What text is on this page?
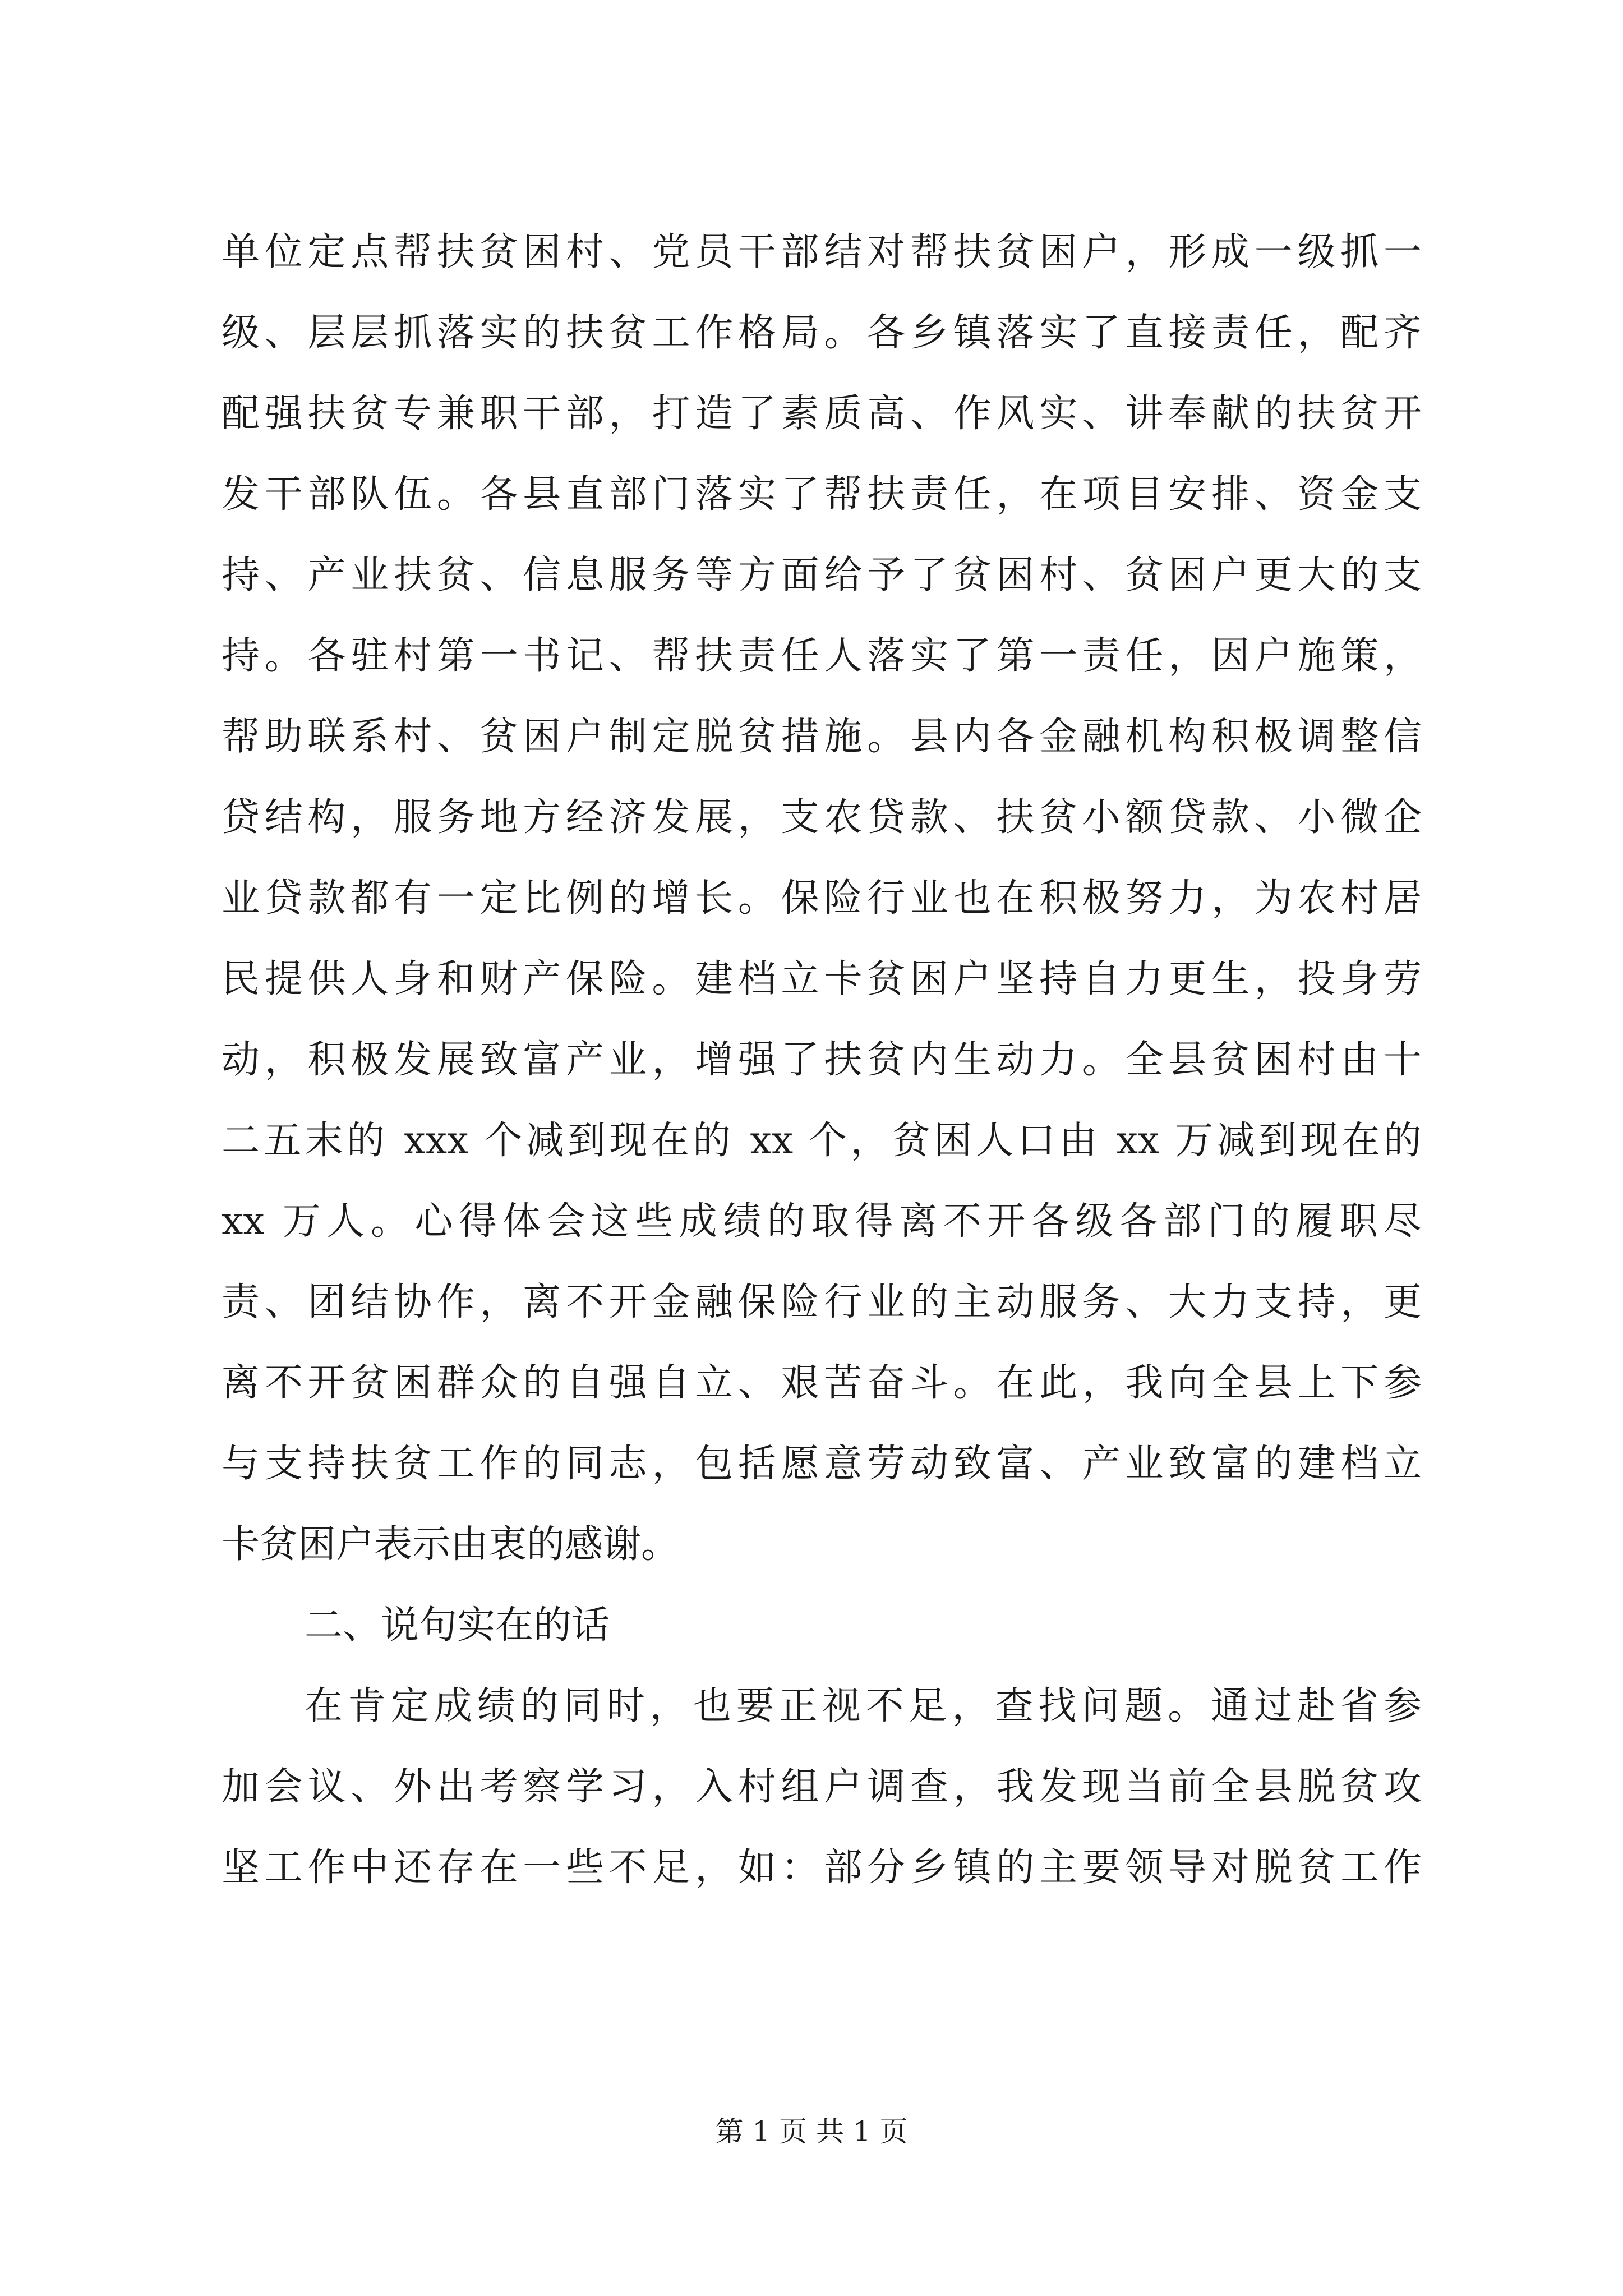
单位定点帮扶贫困村、党员干部结对帮扶贫困户，形成一级抓一
级、层层抓落实的扶贫工作格局。各乡镇落实了直接责任，配齐
配强扶贫专兼职干部，打造了素质高、作风实、讲奉献的扶贫开
发干部队伍。各县直部门落实了帮扶责任，在项目安排、资金支
持、产业扶贫、信息服务等方面给予了贫困村、贫困户更大的支
持。各驻村第一书记、帮扶责任人落实了第一责任，因户施策，
帮助联系村、贫困户制定脱贫措施。县内各金融机构积极调整信
贷结构，服务地方经济发展，支农贷款、扶贫小额贷款、小微企
业贷款都有一定比例的增长。保险行业也在积极努力，为农村居
民提供人身和财产保险。建档立卡贫困户坚持自力更生，投身劳
动，积极发展致富产业，增强了扶贫内生动力。全县贫困村由十
二五末的 xxx 个减到现在的 xx 个，贫困人口由 xx 万减到现在的
xx 万人。心得体会这些成绩的取得离不开各级各部门的履职尽
责、团结协作，离不开金融保险行业的主动服务、大力支持，更
离不开贫困群众的自强自立、艰苦奋斗。在此，我向全县上下参
与支持扶贫工作的同志，包括愿意劳动致富、产业致富的建档立
卡贫困户表示由衷的感谢。
二、说句实在的话
在肯定成绩的同时，也要正视不足，查找问题。通过赴省参
加会议、外出考察学习，入村组户调查，我发现当前全县脱贫攻
坚工作中还存在一些不足，如：部分乡镇的主要领导对脱贫工作
第 1 页 共 1 页
